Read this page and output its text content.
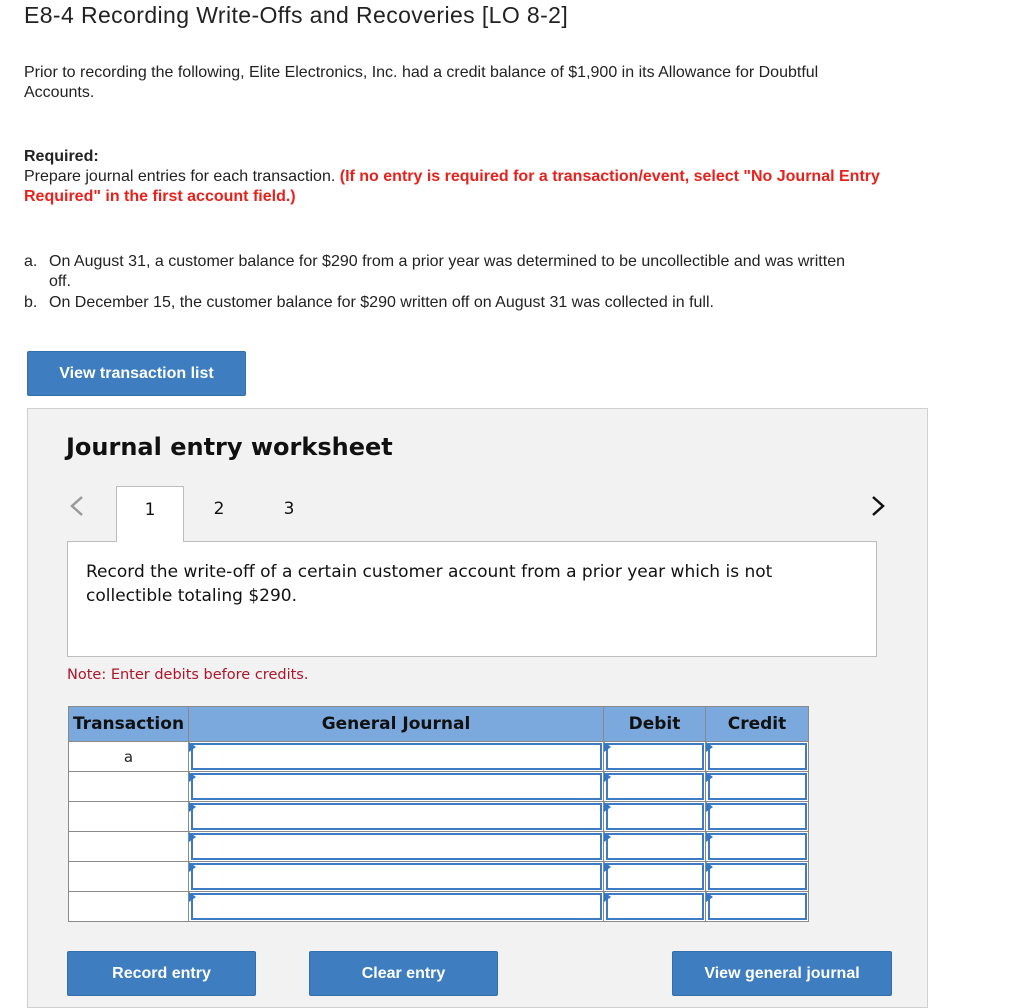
E8-4 Recording Write-Offs and Recoveries [LO 8-2]
Prior to recording the following, Elite Electronics, Inc. had a credit balance of $1,900 in its Allowance for Doubtful Accounts.
Required:
Prepare journal entries for each transaction. (If no entry is required for a transaction/event, select "No Journal Entry Required" in the first account field.)
a. On August 31, a customer balance for $290 from a prior year was determined to be uncollectible and was written off.
b. On December 15, the customer balance for $290 written off on August 31 was collected in full.
View transaction list
Journal entry worksheet
1	2	3
Record the write-off of a certain customer account from a prior year which is not collectible totaling $290.
Note: Enter debits before credits.
Transaction	General Journal	Debit	Credit
a	

Record entry	Clear entry	View general journal
